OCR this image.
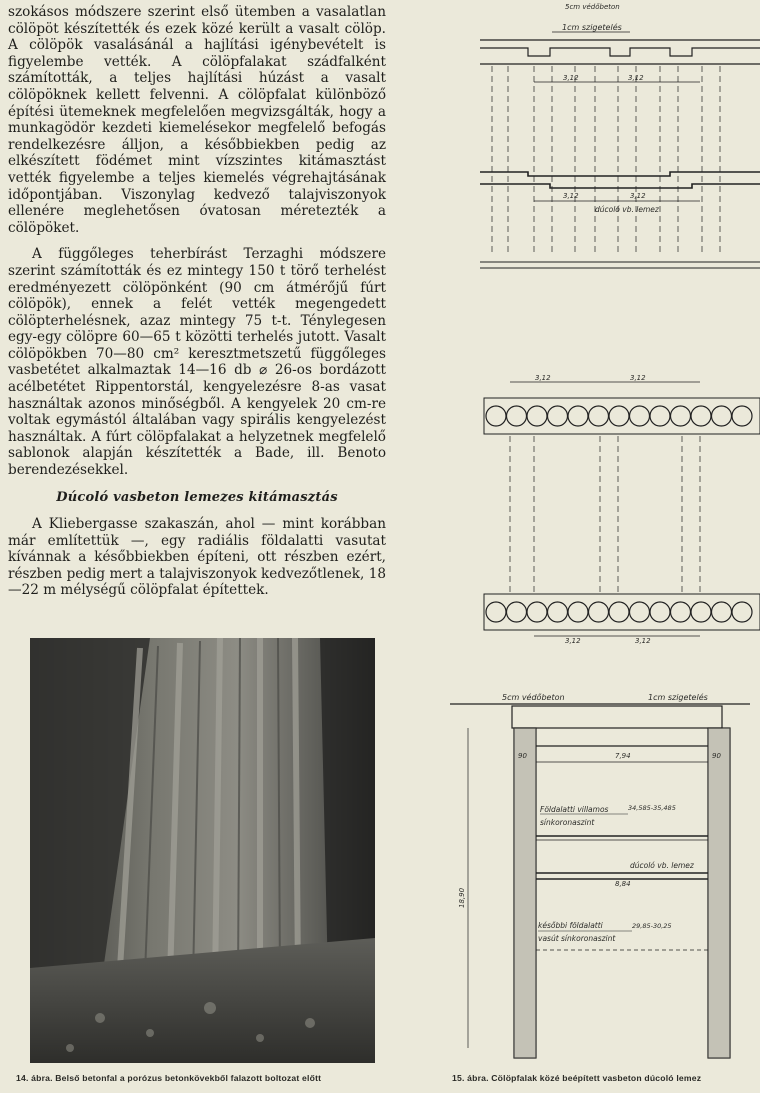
szokásos módszere szerint első ütemben a vasalatlan cölöpöt készítették és ezek közé került a vasalt cölöp. A cölöpök vasalásánál a hajlítási igénybevételt is figyelembe vették. A cölöpfalakat szádfalként számították, a teljes hajlítási húzást a vasalt cölöpöknek kellett felvenni. A cölöpfalat különböző építési ütemeknek megfelelően megvizsgálták, hogy a munkagödör kezdeti kiemelésekor megfelelő befogás rendelkezésre álljon, a későbbiekben pedig az elkészített födémet mint vízszintes kitámasztást vették figyelembe a teljes kiemelés végrehajtásának időpontjában. Viszonylag kedvező talajviszonyok ellenére meglehetősen óvatosan méretezték a cölöpöket.

A függőleges teherbírást Terzaghi módszere szerint számították és ez mintegy 150 t törő terhelést eredményezett cölöpönként (90 cm átmérőjű fúrt cölöpök), ennek a felét vették megengedett cölöpterhelésnek, azaz mintegy 75 t-t. Ténylegesen egy-egy cölöpre 60—65 t közötti terhelés jutott. Vasalt cölöpökben 70—80 cm² keresztmetszetű függőleges vasbetétet alkalmaztak 14—16 db ⌀ 26-os bordázott acélbetétet Rippentorstál, kengyelezésre 8-as vasat használtak azonos minőségből. A kengyelek 20 cm-re voltak egymástól általában vagy spirális kengyelezést használtak. A fúrt cölöpfalakat a helyzetnek megfelelő sablonok alapján készítették a Bade, ill. Benoto berendezésekkel.

Dúcoló vasbeton lemezes kitámasztás

A Kliebergasse szakaszán, ahol — mint korábban már említettük —, egy radiális földalatti vasutat kívánnak a későbbiekben építeni, ott részben ezért, részben pedig mert a talajviszonyok kedvezőtlenek, 18—22 m mélységű cölöpfalat építettek.

14. ábra. Belső betonfal a porózus betonkövekből falazott boltozat előtt
5cm védőbeton
1cm szigetelés
3,12	3,12
3,12	3,12
dúcoló vb. lemez
3,12	3,12
3,12	3,12
5cm védőbeton	1cm szigetelés
18,90
90	90
7,94
Földalatti villamos
sínkoronaszint
34,585-35,485
dúcoló vb. lemez
8,84
későbbi földalatti
vasút sínkoronaszint
29,85-30,25
15. ábra. Cölöpfalak közé beépített vasbeton dúcoló lemez
